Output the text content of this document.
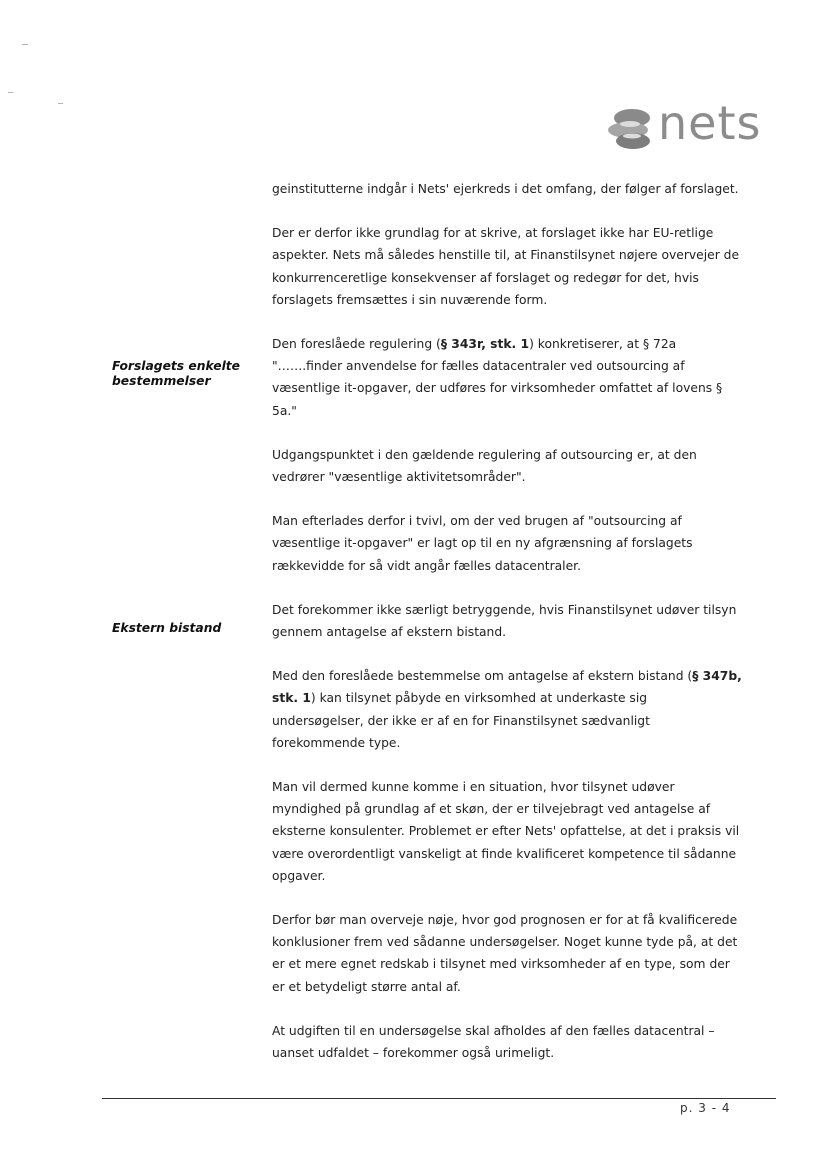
nets
Forslagets enkelte bestemmelser
Ekstern bistand

geinstitutterne indgår i Nets' ejerkreds i det omfang, der følger af forslaget.

Der er derfor ikke grundlag for at skrive, at forslaget ikke har EU-retlige aspekter. Nets må således henstille til, at Finanstilsynet nøjere overvejer de konkurrenceretlige konsekvenser af forslaget og redegør for det, hvis forslagets fremsættes i sin nuværende form.

Den foreslåede regulering (§ 343r, stk. 1) konkretiserer, at § 72a "…….finder anvendelse for fælles datacentraler ved outsourcing af væsentlige it-opgaver, der udføres for virksomheder omfattet af lovens § 5a."

Udgangspunktet i den gældende regulering af outsourcing er, at den vedrører "væsentlige aktivitetsområder".

Man efterlades derfor i tvivl, om der ved brugen af "outsourcing af væsentlige it-opgaver" er lagt op til en ny afgrænsning af forslagets rækkevidde for så vidt angår fælles datacentraler.

Det forekommer ikke særligt betryggende, hvis Finanstilsynet udøver tilsyn gennem antagelse af ekstern bistand.

Med den foreslåede bestemmelse om antagelse af ekstern bistand (§ 347b, stk. 1) kan tilsynet påbyde en virksomhed at underkaste sig undersøgelser, der ikke er af en for Finanstilsynet sædvanligt forekommende type.

Man vil dermed kunne komme i en situation, hvor tilsynet udøver myndighed på grundlag af et skøn, der er tilvejebragt ved antagelse af eksterne konsulenter. Problemet er efter Nets' opfattelse, at det i praksis vil være overordentligt vanskeligt at finde kvalificeret kompetence til sådanne opgaver.

Derfor bør man overveje nøje, hvor god prognosen er for at få kvalificerede konklusioner frem ved sådanne undersøgelser. Noget kunne tyde på, at det er et mere egnet redskab i tilsynet med virksomheder af en type, som der er et betydeligt større antal af.

At udgiften til en undersøgelse skal afholdes af den fælles datacentral – uanset udfaldet – forekommer også urimeligt.

p. 3 - 4
